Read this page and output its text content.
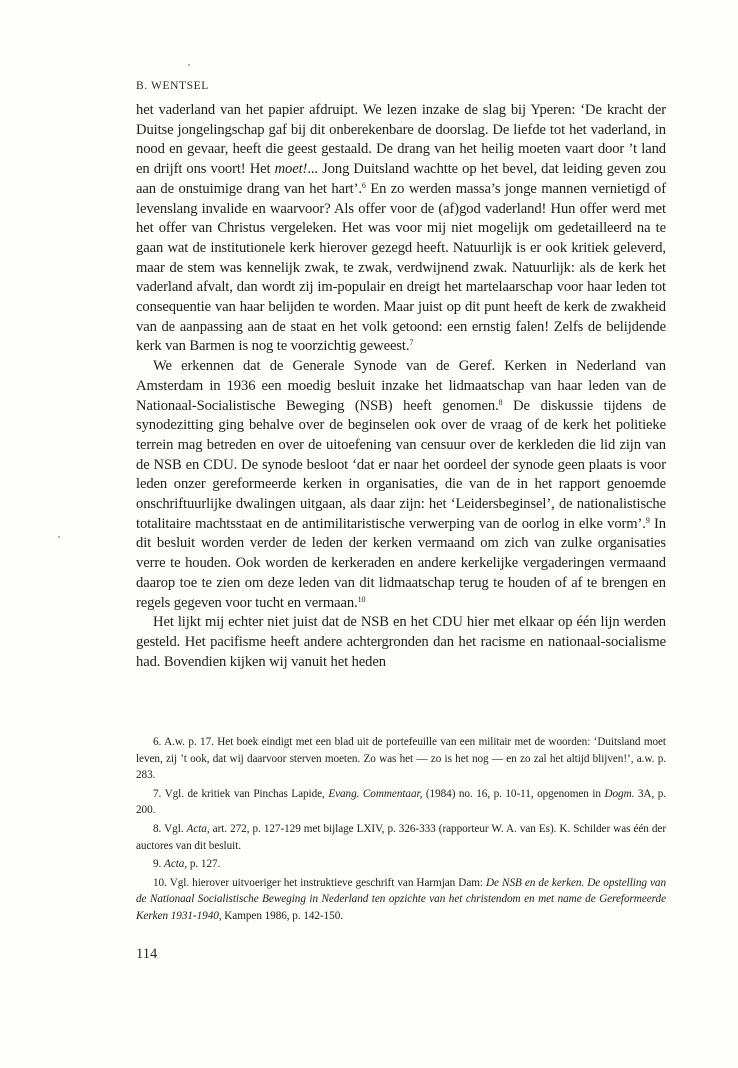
B. WENTSEL

het vaderland van het papier afdruipt. We lezen inzake de slag bij Yperen: ‘De kracht der Duitse jongelingschap gaf bij dit onberekenbare de doorslag. De liefde tot het vaderland, in nood en gevaar, heeft die geest gestaald. De drang van het heilig moeten vaart door ’t land en drijft ons voort! Het moet!... Jong Duitsland wachtte op het bevel, dat leiding geven zou aan de onstuimige drang van het hart’.$^6$ En zo werden massa’s jonge mannen vernietigd of levenslang invalide en waarvoor? Als offer voor de (af)god vaderland! Hun offer werd met het offer van Christus vergeleken. Het was voor mij niet mogelijk om gedetailleerd na te gaan wat de institutionele kerk hierover gezegd heeft. Natuurlijk is er ook kritiek geleverd, maar de stem was kennelijk zwak, te zwak, verdwijnend zwak. Natuurlijk: als de kerk het vaderland afvalt, dan wordt zij im-populair en dreigt het martelaarschap voor haar leden tot consequentie van haar belijden te worden. Maar juist op dit punt heeft de kerk de zwakheid van de aanpassing aan de staat en het volk getoond: een ernstig falen! Zelfs de belijdende kerk van Barmen is nog te voorzichtig geweest.$^7$

We erkennen dat de Generale Synode van de Geref. Kerken in Nederland van Amsterdam in 1936 een moedig besluit inzake het lidmaatschap van haar leden van de Nationaal-Socialistische Beweging (NSB) heeft genomen.$^8$ De diskussie tijdens de synodezitting ging behalve over de beginselen ook over de vraag of de kerk het politieke terrein mag betreden en over de uitoefening van censuur over de kerkleden die lid zijn van de NSB en CDU. De synode besloot ‘dat er naar het oordeel der synode geen plaats is voor leden onzer gereformeerde kerken in organisaties, die van de in het rapport genoemde onschriftuurlijke dwalingen uitgaan, als daar zijn: het ‘Leidersbeginsel’, de nationalistische totalitaire machtsstaat en de antimilitaristische verwerping van de oorlog in elke vorm’.$^9$ In dit besluit worden verder de leden der kerken vermaand om zich van zulke organisaties verre te houden. Ook worden de kerkeraden en andere kerkelijke vergaderingen vermaand daarop toe te zien om deze leden van dit lidmaatschap terug te houden of af te brengen en regels gegeven voor tucht en vermaan.$^{10}$

Het lijkt mij echter niet juist dat de NSB en het CDU hier met elkaar op één lijn werden gesteld. Het pacifisme heeft andere achtergronden dan het racisme en nationaal-socialisme had. Bovendien kijken wij vanuit het heden

6. A.w. p. 17. Het boek eindigt met een blad uit de portefeuille van een militair met de woorden: ‘Duitsland moet leven, zij ’t ook, dat wij daarvoor sterven moeten. Zo was het — zo is het nog — en zo zal het altijd blijven!’, a.w. p. 283.

7. Vgl. de kritiek van Pinchas Lapide, Evang. Commentaar, (1984) no. 16, p. 10-11, opgenomen in Dogm. 3A, p. 200.

8. Vgl. Acta, art. 272, p. 127-129 met bijlage LXIV, p. 326-333 (rapporteur W. A. van Es). K. Schilder was één der auctores van dit besluit.

9. Acta, p. 127.

10. Vgl. hierover uitvoeriger het instruktieve geschrift van Harmjan Dam: De NSB en de kerken. De opstelling van de Nationaal Socialistische Beweging in Nederland ten opzichte van het christendom en met name de Gereformeerde Kerken 1931-1940, Kampen 1986, p. 142-150.

114
